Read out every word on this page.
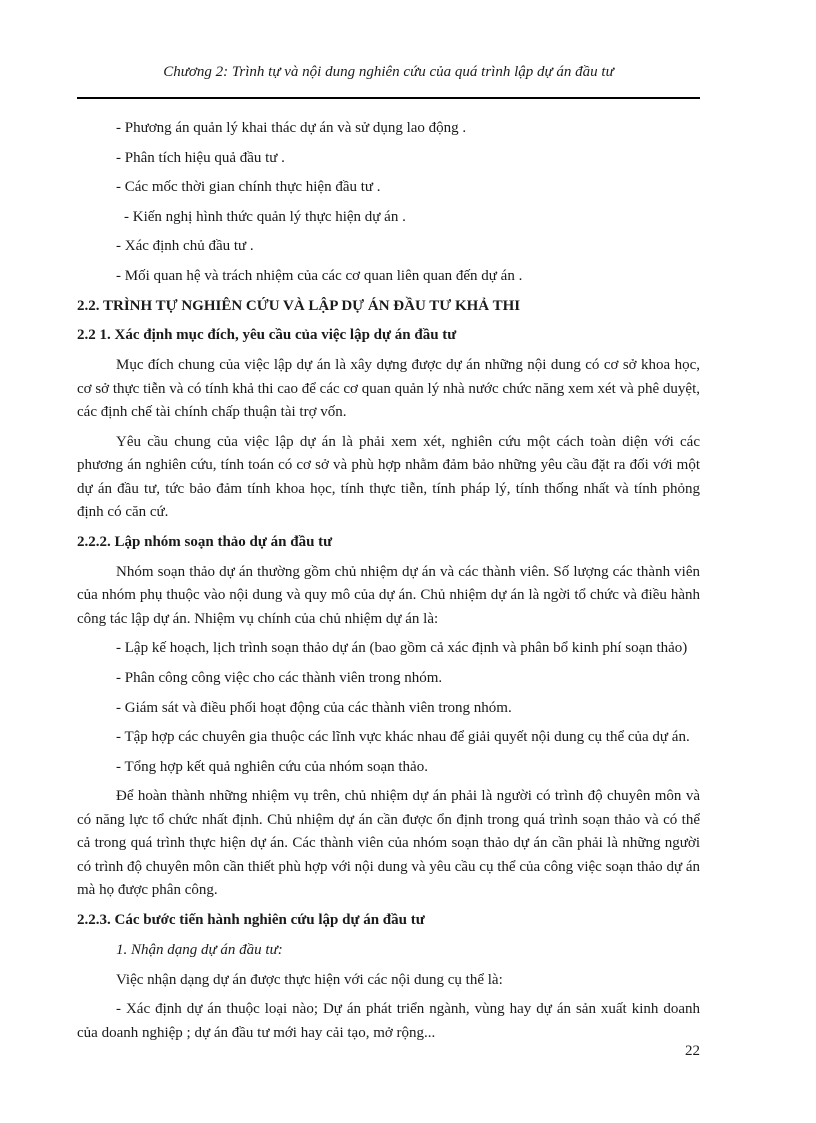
Chương 2: Trình tự và nội dung nghiên cứu của quá trình lập dự án đầu tư

- Phương án quản lý khai thác dự án và sử dụng lao động .

- Phân tích hiệu quả đầu tư .

- Các mốc thời gian chính thực hiện đầu tư .

- Kiến nghị hình thức quản lý thực hiện dự án .

- Xác định chủ đầu tư .

- Mối quan hệ và trách nhiệm của các cơ quan liên quan đến dự án .

2.2. TRÌNH TỰ NGHIÊN CỨU VÀ LẬP DỰ ÁN ĐẦU TƯ KHẢ THI

2.2 1. Xác định mục đích, yêu cầu của việc lập dự án đầu tư

Mục đích chung của việc lập dự án là xây dựng được dự án những nội dung có cơ sở khoa học, cơ sở thực tiễn và có tính khả thi cao để các cơ quan quản lý nhà nước chức năng xem xét và phê duyệt, các định chế tài chính chấp thuận tài trợ vốn.

Yêu cầu chung của việc lập dự án là phải xem xét, nghiên cứu một cách toàn diện với các phương án nghiên cứu, tính toán có cơ sở và phù hợp nhằm đảm bảo những yêu cầu đặt ra đối với một dự án đầu tư, tức bảo đảm tính khoa học, tính thực tiễn, tính pháp lý, tính thống nhất và tính phỏng định có căn cứ.

2.2.2. Lập nhóm soạn thảo dự án đầu tư

Nhóm soạn thảo dự án thường gồm chủ nhiệm dự án và các thành viên. Số lượng các thành viên của nhóm phụ thuộc vào nội dung và quy mô của dự án. Chủ nhiệm dự án là ngời tổ chức và điều hành công tác lập dự án. Nhiệm vụ chính của chủ nhiệm dự án là:

- Lập kế hoạch, lịch trình soạn thảo dự án (bao gồm cả xác định và phân bổ kinh phí soạn thảo)

- Phân công công việc cho các thành viên trong nhóm.

- Giám sát và điều phối hoạt động của các thành viên trong nhóm.

- Tập hợp các chuyên gia thuộc các lĩnh vực khác nhau để giải quyết nội dung cụ thể của dự án.

- Tổng hợp kết quả nghiên cứu của nhóm soạn thảo.

Để hoàn thành những nhiệm vụ trên, chủ nhiệm dự án phải là người có trình độ chuyên môn và có năng lực tổ chức nhất định. Chủ nhiệm dự án cần được ổn định trong quá trình soạn thảo và có thể cả trong quá trình thực hiện dự án. Các thành viên của nhóm soạn thảo dự án cần phải là những người có trình độ chuyên môn cần thiết phù hợp với nội dung và yêu cầu cụ thể của công việc soạn thảo dự án mà họ được phân công.

2.2.3. Các bước tiến hành nghiên cứu lập dự án đầu tư

1. Nhận dạng dự án đầu tư:

Việc nhận dạng dự án được thực hiện với các nội dung cụ thể là:

- Xác định dự án thuộc loại nào; Dự án phát triển ngành, vùng hay dự án sản xuất kinh doanh của doanh nghiệp ; dự án đầu tư mới hay cải tạo, mở rộng...

22
